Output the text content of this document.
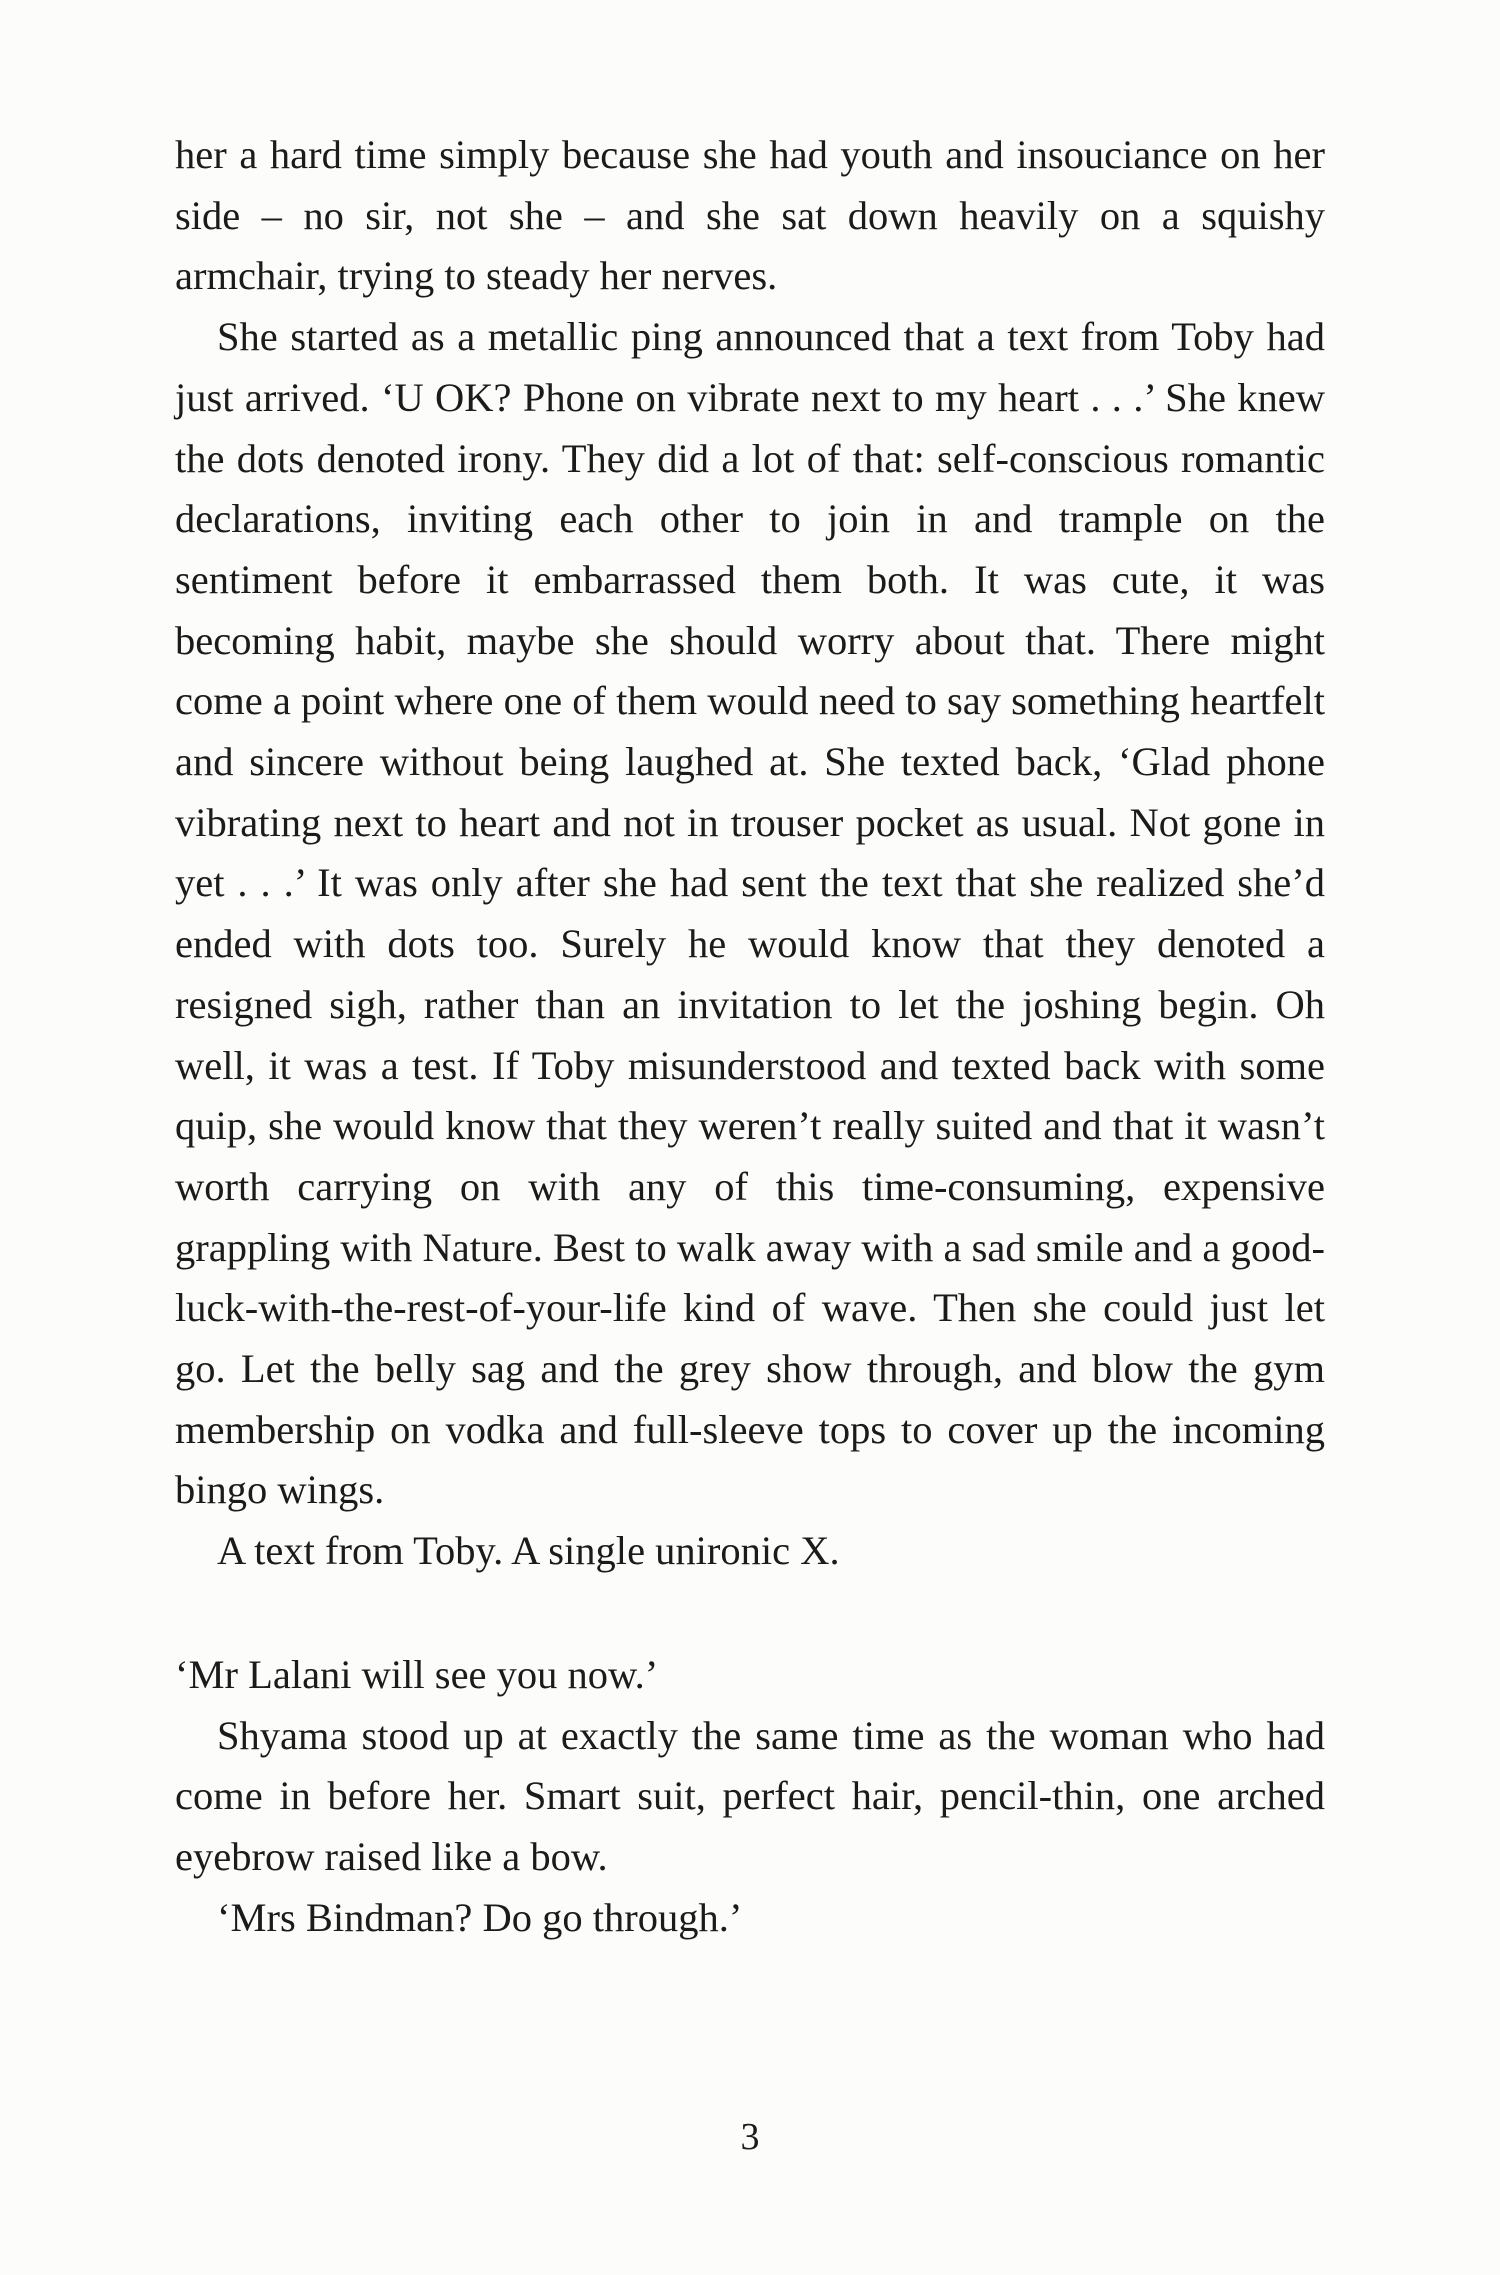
her a hard time simply because she had youth and insouciance on her side – no sir, not she – and she sat down heavily on a squishy armchair, trying to steady her nerves.

She started as a metallic ping announced that a text from Toby had just arrived. ‘U OK? Phone on vibrate next to my heart . . .’ She knew the dots denoted irony. They did a lot of that: self-conscious romantic declarations, inviting each other to join in and trample on the sentiment before it embarrassed them both. It was cute, it was becoming habit, maybe she should worry about that. There might come a point where one of them would need to say something heartfelt and sincere without being laughed at. She texted back, ‘Glad phone vibrating next to heart and not in trouser pocket as usual. Not gone in yet . . .’ It was only after she had sent the text that she realized she’d ended with dots too. Surely he would know that they denoted a resigned sigh, rather than an invitation to let the joshing begin. Oh well, it was a test. If Toby misunderstood and texted back with some quip, she would know that they weren’t really suited and that it wasn’t worth carrying on with any of this time-consuming, expensive grappling with Nature. Best to walk away with a sad smile and a good-luck-with-the-rest-of-your-life kind of wave. Then she could just let go. Let the belly sag and the grey show through, and blow the gym membership on vodka and full-sleeve tops to cover up the incoming bingo wings.

A text from Toby. A single unironic X.

‘Mr Lalani will see you now.’

Shyama stood up at exactly the same time as the woman who had come in before her. Smart suit, perfect hair, pencil-thin, one arched eyebrow raised like a bow.

‘Mrs Bindman? Do go through.’

3
